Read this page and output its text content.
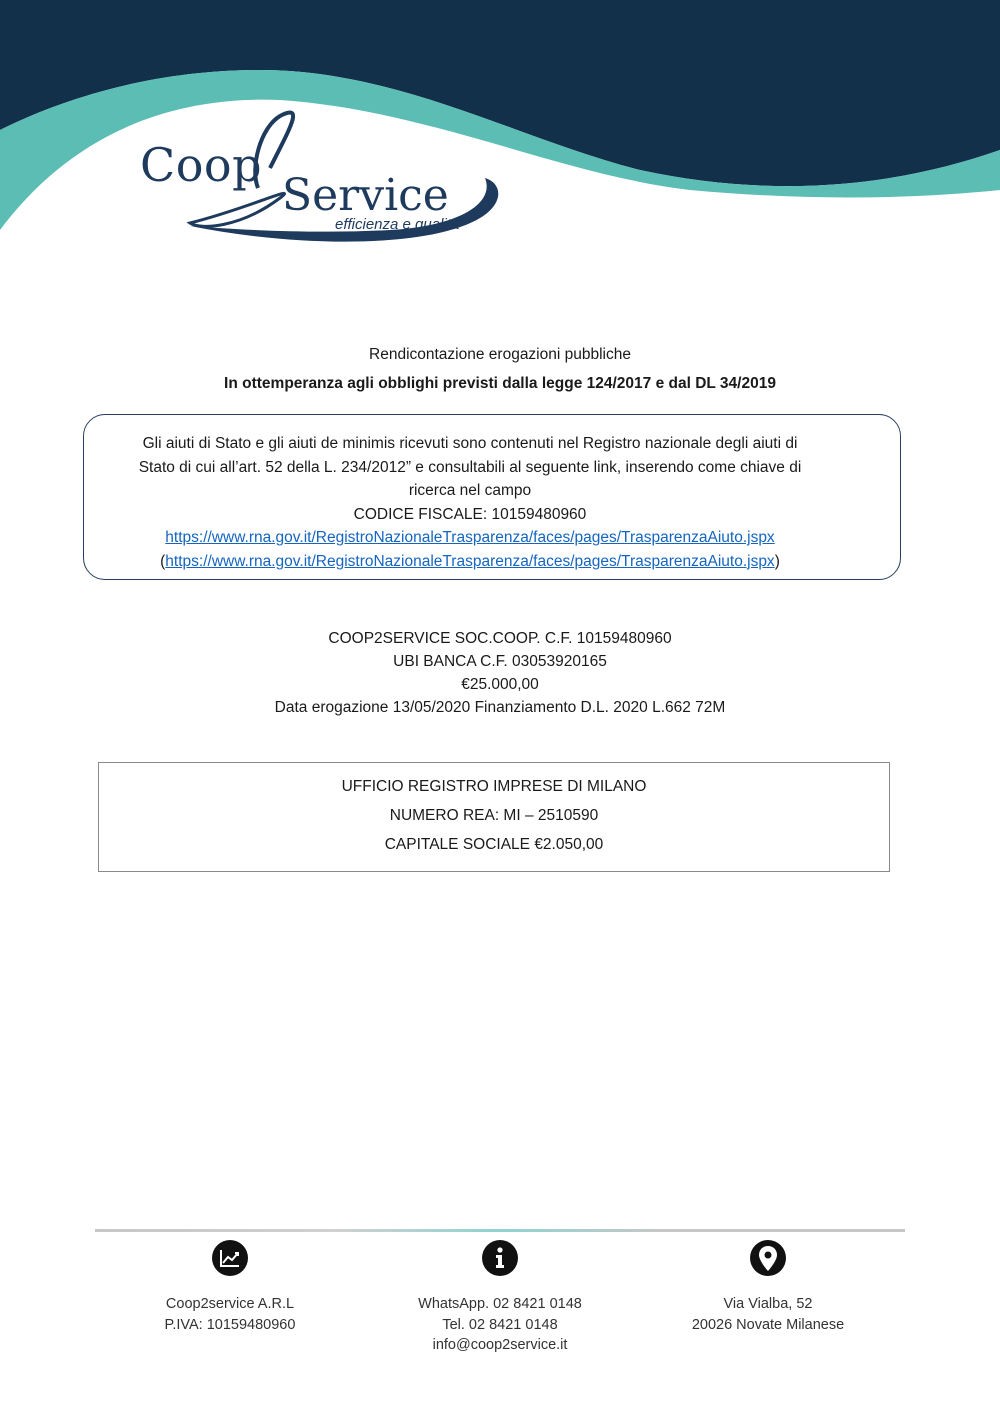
Coop
Service
efficienza e qualità
Rendicontazione erogazioni pubbliche
In ottemperanza agli obblighi previsti dalla legge 124/2017 e dal DL 34/2019
Gli aiuti di Stato e gli aiuti de minimis ricevuti sono contenuti nel Registro nazionale degli aiuti di
Stato di cui all’art. 52 della L. 234/2012” e consultabili al seguente link, inserendo come chiave di
ricerca nel campo
CODICE FISCALE: 10159480960
https://www.rna.gov.it/RegistroNazionaleTrasparenza/faces/pages/TrasparenzaAiuto.jspx
(https://www.rna.gov.it/RegistroNazionaleTrasparenza/faces/pages/TrasparenzaAiuto.jspx)
COOP2SERVICE SOC.COOP. C.F. 10159480960
UBI BANCA C.F. 03053920165
€25.000,00
Data erogazione 13/05/2020 Finanziamento D.L. 2020 L.662 72M
UFFICIO REGISTRO IMPRESE DI MILANO
NUMERO REA: MI – 2510590
CAPITALE SOCIALE €2.050,00
Coop2service A.R.L
P.IVA: 10159480960
WhatsApp. 02 8421 0148
Tel. 02 8421 0148
info@coop2service.it
Via Vialba, 52
20026 Novate Milanese
